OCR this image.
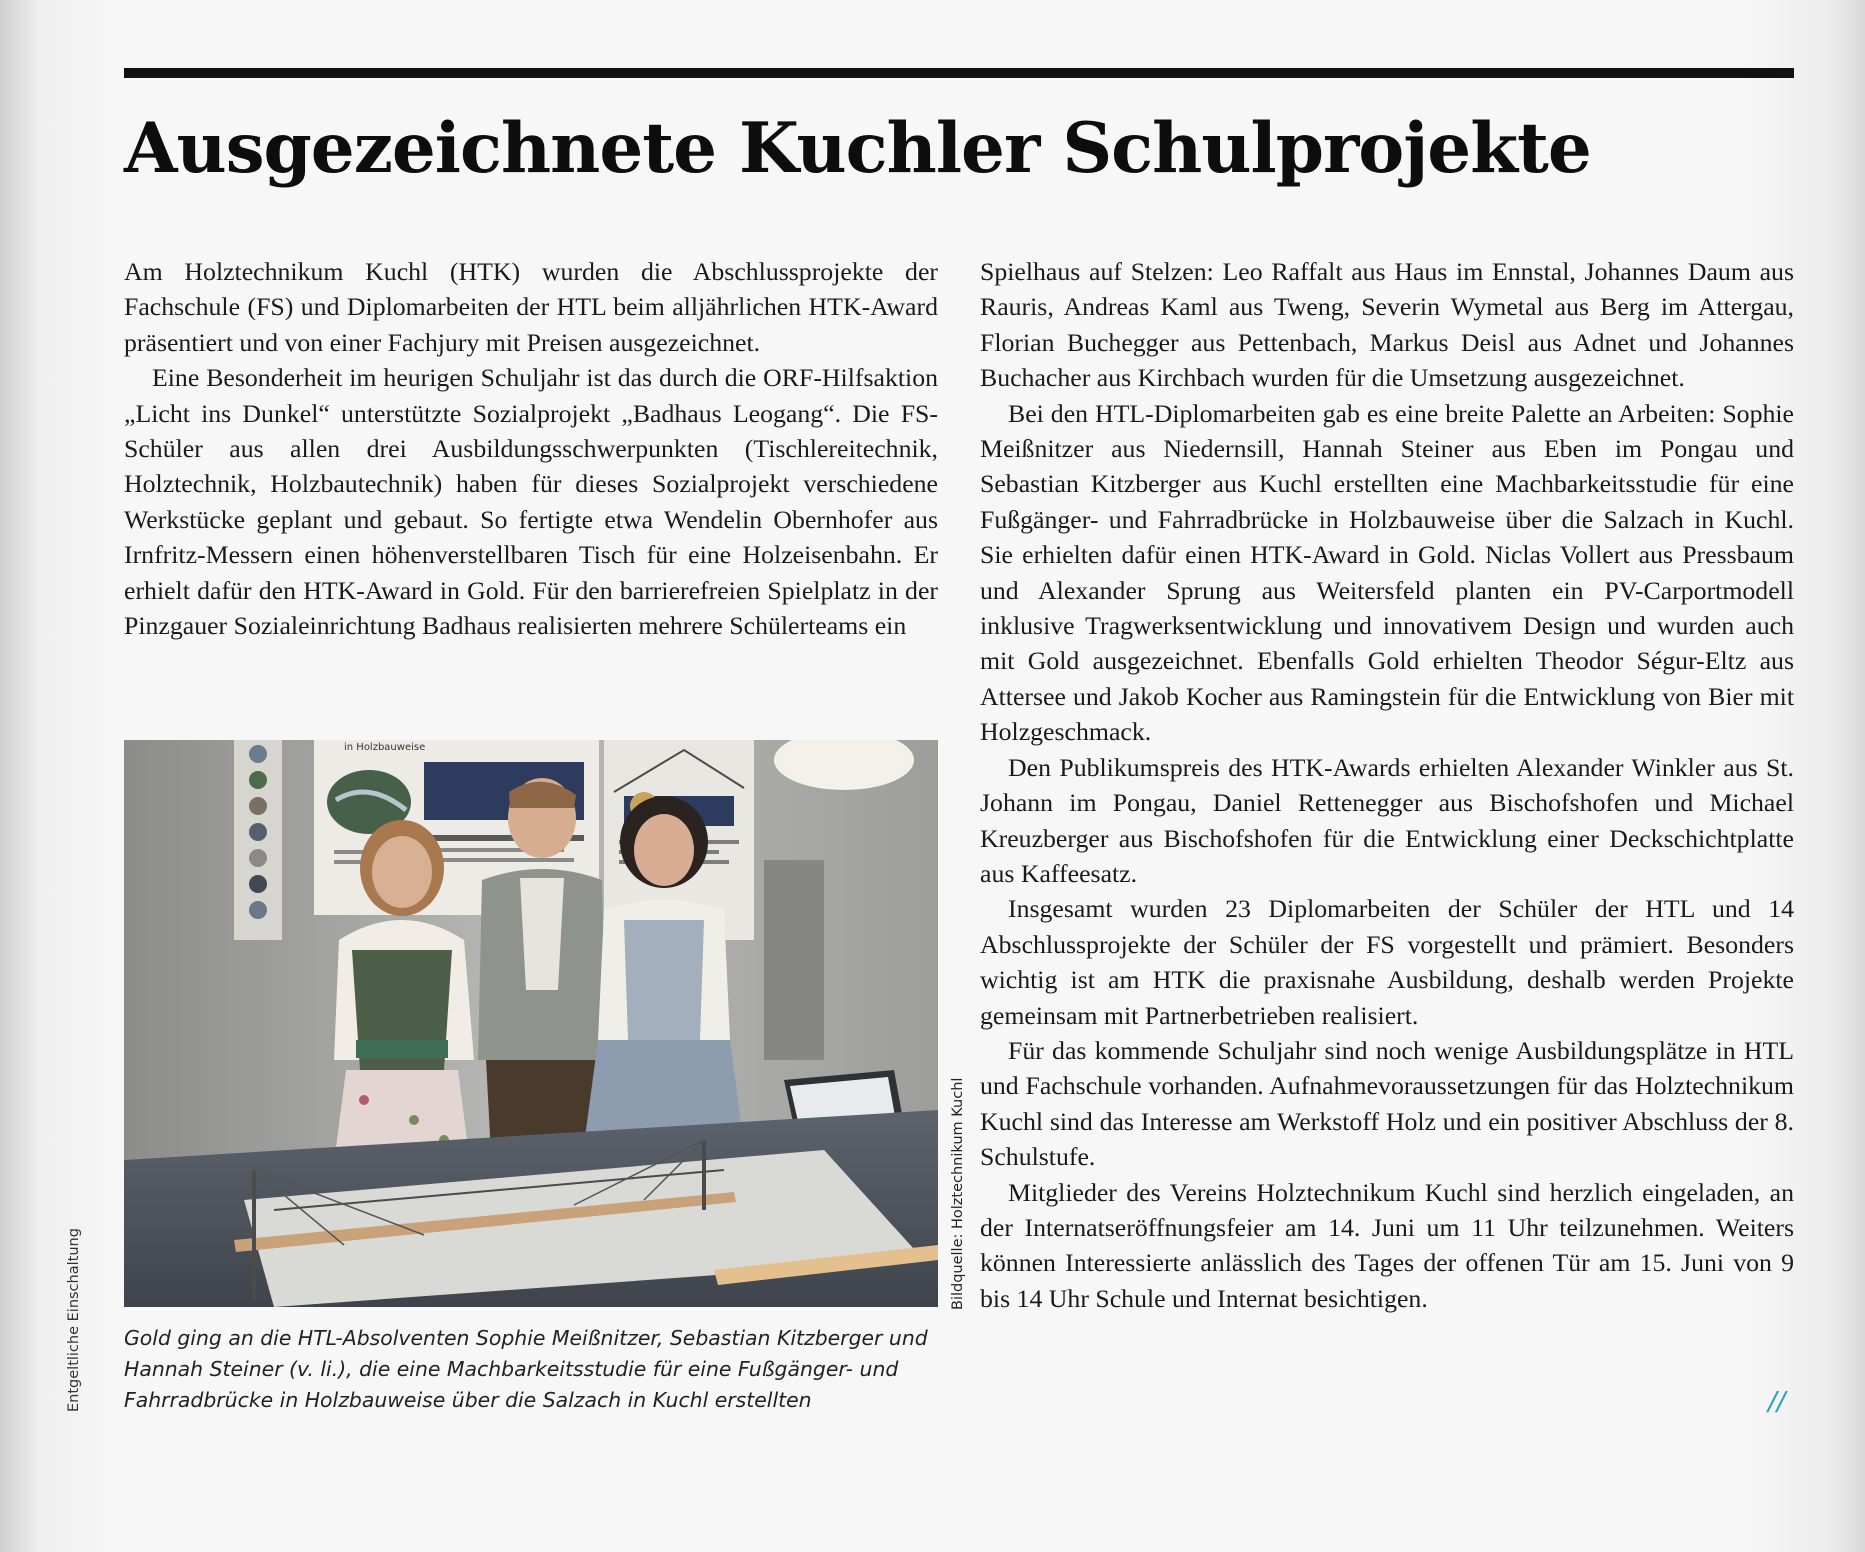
Ausgezeichnete Kuchler Schulprojekte

Am Holztechnikum Kuchl (HTK) wurden die Abschlussprojekte der Fachschule (FS) und Diplomarbeiten der HTL beim alljährlichen HTK-Award präsentiert und von einer Fachjury mit Preisen ausgezeichnet.

Eine Besonderheit im heurigen Schuljahr ist das durch die ORF-Hilfsaktion „Licht ins Dunkel“ unterstützte Sozialprojekt „Badhaus Leogang“. Die FS-Schüler aus allen drei Ausbildungsschwerpunkten (Tischlereitechnik, Holztechnik, Holzbautechnik) haben für dieses Sozialprojekt verschiedene Werkstücke geplant und gebaut. So fertigte etwa Wendelin Obernhofer aus Irnfritz-Messern einen höhenverstellbaren Tisch für eine Holzeisenbahn. Er erhielt dafür den HTK-Award in Gold. Für den barrierefreien Spielplatz in der Pinzgauer Sozialeinrichtung Badhaus realisierten mehrere Schülerteams ein

in Holzbauweise

Gold ging an die HTL-Absolventen Sophie Meißnitzer, Sebastian Kitzberger und Hannah Steiner (v. li.), die eine Machbarkeitsstudie für eine Fußgänger- und Fahrradbrücke in Holzbauweise über die Salzach in Kuchl erstellten

Bildquelle: Holztechnikum Kuchl

Spielhaus auf Stelzen: Leo Raffalt aus Haus im Ennstal, Johannes Daum aus Rauris, Andreas Kaml aus Tweng, Severin Wymetal aus Berg im Attergau, Florian Buchegger aus Pettenbach, Markus Deisl aus Adnet und Johannes Buchacher aus Kirchbach wurden für die Umsetzung ausgezeichnet.

Bei den HTL-Diplomarbeiten gab es eine breite Palette an Arbeiten: Sophie Meißnitzer aus Niedernsill, Hannah Steiner aus Eben im Pongau und Sebastian Kitzberger aus Kuchl erstellten eine Machbarkeitsstudie für eine Fußgänger- und Fahrradbrücke in Holzbauweise über die Salzach in Kuchl. Sie erhielten dafür einen HTK-Award in Gold. Niclas Vollert aus Pressbaum und Alexander Sprung aus Weitersfeld planten ein PV-Carportmodell inklusive Tragwerksentwicklung und innovativem Design und wurden auch mit Gold ausgezeichnet. Ebenfalls Gold erhielten Theodor Ségur-Eltz aus Attersee und Jakob Kocher aus Ramingstein für die Entwicklung von Bier mit Holzgeschmack.

Den Publikumspreis des HTK-Awards erhielten Alexander Winkler aus St. Johann im Pongau, Daniel Rettenegger aus Bischofshofen und Michael Kreuzberger aus Bischofshofen für die Entwicklung einer Deckschichtplatte aus Kaffeesatz.

Insgesamt wurden 23 Diplomarbeiten der Schüler der HTL und 14 Abschlussprojekte der Schüler der FS vorgestellt und prämiert. Besonders wichtig ist am HTK die praxisnahe Ausbildung, deshalb werden Projekte gemeinsam mit Partnerbetrieben realisiert.

Für das kommende Schuljahr sind noch wenige Ausbildungsplätze in HTL und Fachschule vorhanden. Aufnahmevoraussetzungen für das Holztechnikum Kuchl sind das Interesse am Werkstoff Holz und ein positiver Abschluss der 8. Schulstufe.

Mitglieder des Vereins Holztechnikum Kuchl sind herzlich eingeladen, an der Internatseröffnungsfeier am 14. Juni um 11 Uhr teilzunehmen. Weiters können Interessierte anlässlich des Tages der offenen Tür am 15. Juni von 9 bis 14 Uhr Schule und Internat besichtigen.

//
Entgeltliche Einschaltung
